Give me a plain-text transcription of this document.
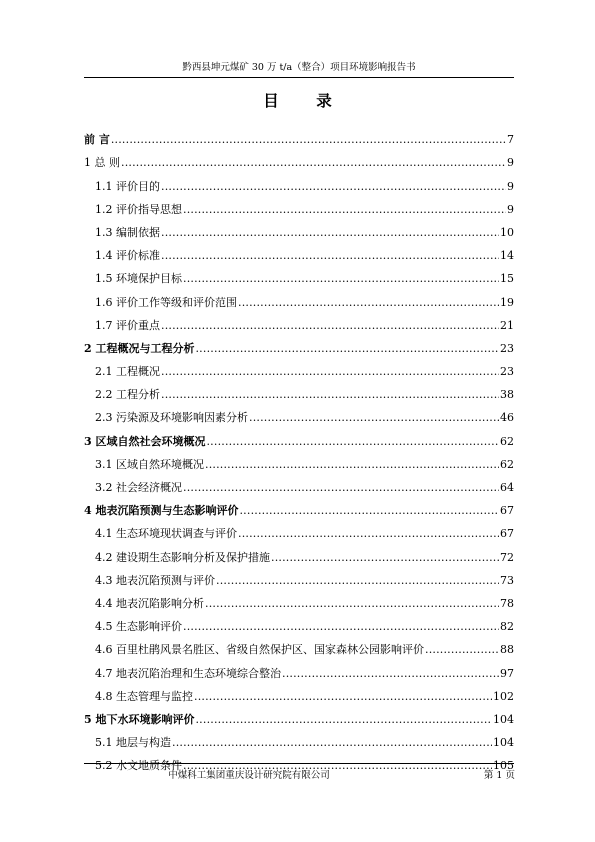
黔西县坤元煤矿 30 万 t/a（整合）项目环境影响报告书
目 录
前 言 .....	7
1 总 则 .....	9
1.1 评价目的 .....	9
1.2 评价指导思想 .....	9
1.3 编制依据 .....	10
1.4 评价标准 .....	14
1.5 环境保护目标 .....	15
1.6 评价工作等级和评价范围 .....	19
1.7 评价重点 .....	21
2 工程概况与工程分析 .....	23
2.1 工程概况 .....	23
2.2 工程分析 .....	38
2.3 污染源及环境影响因素分析 .....	46
3 区域自然社会环境概况 .....	62
3.1 区域自然环境概况 .....	62
3.2 社会经济概况 .....	64
4 地表沉陷预测与生态影响评价 .....	67
4.1 生态环境现状调查与评价 .....	67
4.2 建设期生态影响分析及保护措施 .....	72
4.3 地表沉陷预测与评价 .....	73
4.4 地表沉陷影响分析 .....	78
4.5 生态影响评价 .....	82
4.6 百里杜鹃风景名胜区、省级自然保护区、国家森林公园影响评价 .....	88
4.7 地表沉陷治理和生态环境综合整治 .....	97
4.8 生态管理与监控 .....	102
5 地下水环境影响评价 .....	104
5.1 地层与构造 .....	104
5.2 水文地质条件 .....	105
中煤科工集团重庆设计研究院有限公司	第 1 页
